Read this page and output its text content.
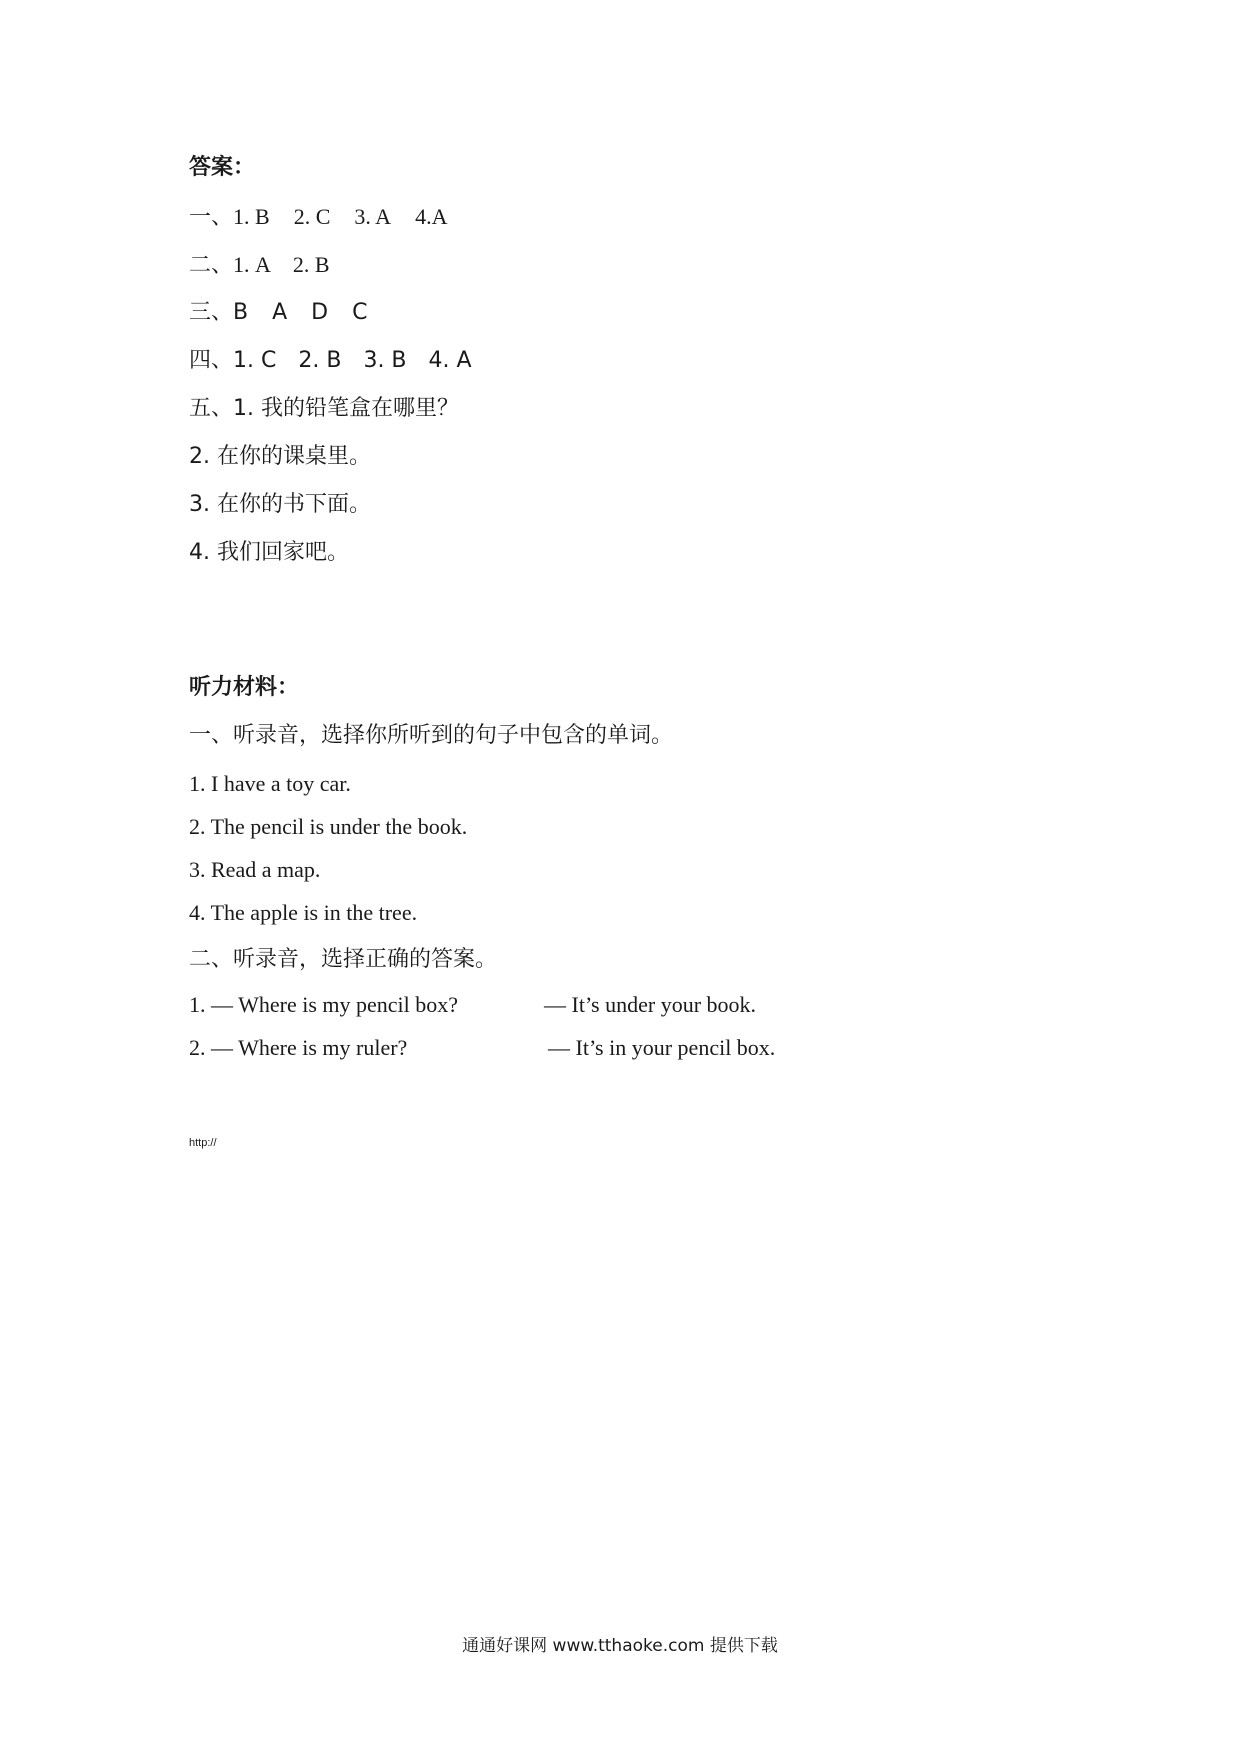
答案：
一、1. B 2. C 3. A 4.A
二、1. A 2. B
三、B A D C
四、1. C 2. B 3. B 4. A
五、1. 我的铅笔盒在哪里？
2. 在你的课桌里。
3. 在你的书下面。
4. 我们回家吧。
听力材料：
一、听录音，选择你所听到的句子中包含的单词。
1. I have a toy car.
2. The pencil is under the book.
3. Read a map.
4. The apple is in the tree.
二、听录音，选择正确的答案。
1. — Where is my pencil box?	— It’s under your book.
2. — Where is my ruler?	— It’s in your pencil box.
http://
通通好课网 www.tthaoke.com 提供下载
